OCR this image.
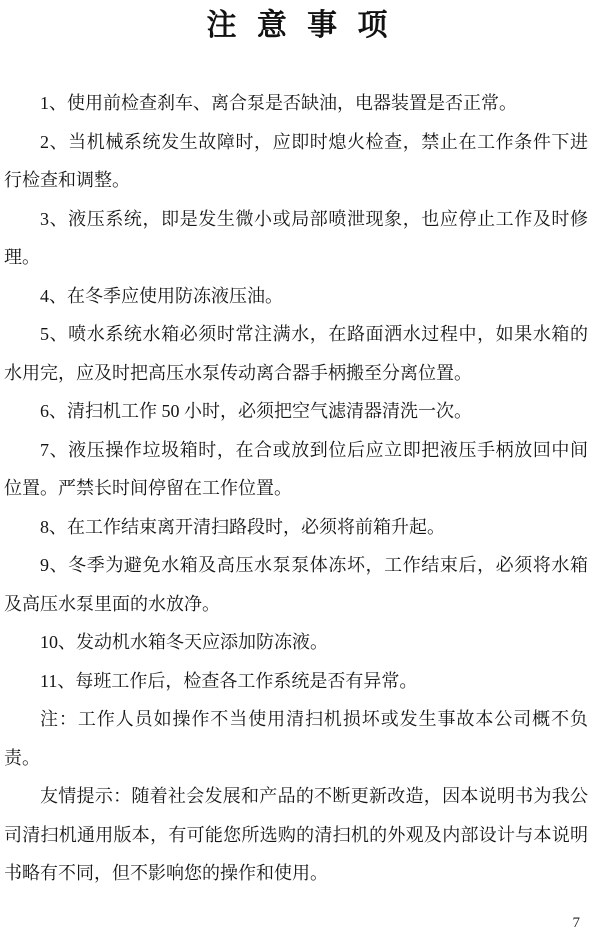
注 意 事 项

1、使用前检查刹车、离合泵是否缺油，电器装置是否正常。

2、当机械系统发生故障时，应即时熄火检查，禁止在工作条件下进行检查和调整。

3、液压系统，即是发生微小或局部喷泄现象，也应停止工作及时修理。

4、在冬季应使用防冻液压油。

5、喷水系统水箱必须时常注满水，在路面洒水过程中，如果水箱的水用完，应及时把高压水泵传动离合器手柄搬至分离位置。

6、清扫机工作 50 小时，必须把空气滤清器清洗一次。

7、液压操作垃圾箱时，在合或放到位后应立即把液压手柄放回中间位置。严禁长时间停留在工作位置。

8、在工作结束离开清扫路段时，必须将前箱升起。

9、冬季为避免水箱及高压水泵泵体冻坏，工作结束后，必须将水箱及高压水泵里面的水放净。

10、发动机水箱冬天应添加防冻液。

11、每班工作后，检查各工作系统是否有异常。

注：工作人员如操作不当使用清扫机损坏或发生事故本公司概不负责。

友情提示：随着社会发展和产品的不断更新改造，因本说明书为我公司清扫机通用版本，有可能您所选购的清扫机的外观及内部设计与本说明书略有不同，但不影响您的操作和使用。

7
